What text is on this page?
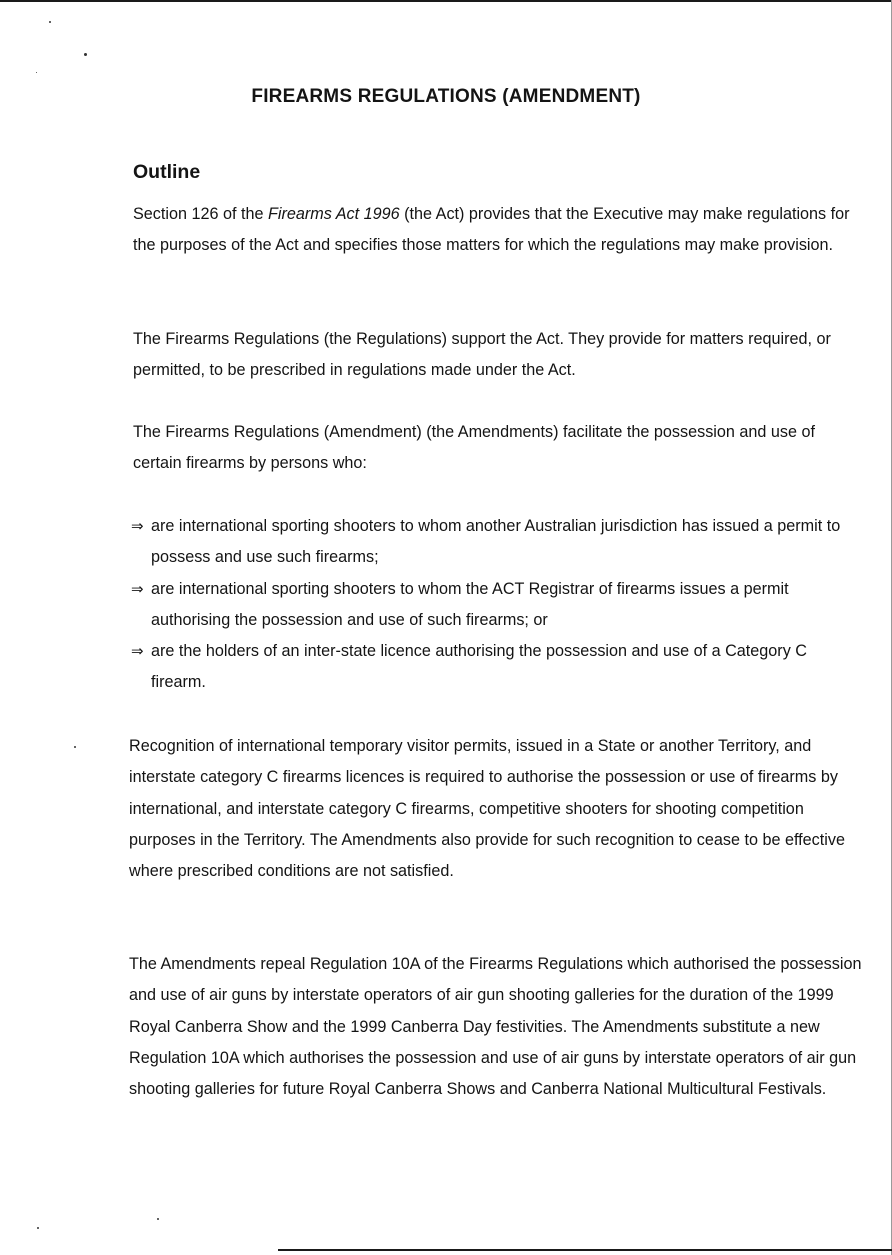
FIREARMS REGULATIONS (AMENDMENT)
Outline

Section 126 of the Firearms Act 1996 (the Act) provides that the Executive may make regulations for the purposes of the Act and specifies those matters for which the regulations may make provision.

The Firearms Regulations (the Regulations) support the Act. They provide for matters required, or permitted, to be prescribed in regulations made under the Act.

The Firearms Regulations (Amendment) (the Amendments) facilitate the possession and use of certain firearms by persons who:

⇒ are international sporting shooters to whom another Australian jurisdiction has issued a permit to possess and use such firearms;
⇒ are international sporting shooters to whom the ACT Registrar of firearms issues a permit authorising the possession and use of such firearms; or
⇒ are the holders of an inter-state licence authorising the possession and use of a Category C firearm.

Recognition of international temporary visitor permits, issued in a State or another Territory, and interstate category C firearms licences is required to authorise the possession or use of firearms by international, and interstate category C firearms, competitive shooters for shooting competition purposes in the Territory. The Amendments also provide for such recognition to cease to be effective where prescribed conditions are not satisfied.

The Amendments repeal Regulation 10A of the Firearms Regulations which authorised the possession and use of air guns by interstate operators of air gun shooting galleries for the duration of the 1999 Royal Canberra Show and the 1999 Canberra Day festivities. The Amendments substitute a new Regulation 10A which authorises the possession and use of air guns by interstate operators of air gun shooting galleries for future Royal Canberra Shows and Canberra National Multicultural Festivals.
